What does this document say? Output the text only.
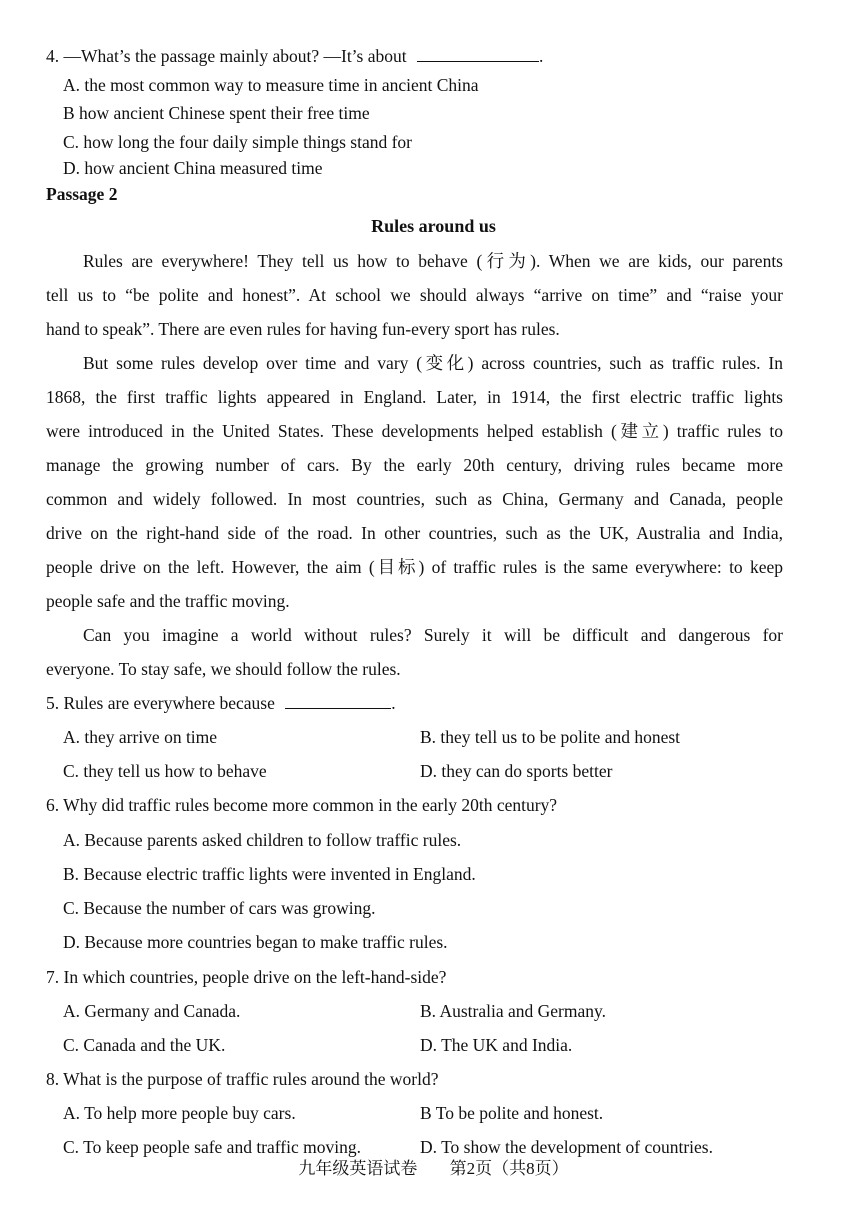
4. —What’s the passage mainly about? —It’s about	.
A. the most common way to measure time in ancient China
B how ancient Chinese spent their free time
C. how long the four daily simple things stand for
D. how ancient China measured time
Passage 2
Rules around us
Rules are everywhere! They tell us how to behave (行为). When we are kids, our parents
tell us to “be polite and honest”. At school we should always “arrive on time” and “raise your
hand to speak”. There are even rules for having fun-every sport has rules.
But some rules develop over time and vary (变化) across countries, such as traffic rules. In
1868, the first traffic lights appeared in England. Later, in 1914, the first electric traffic lights
were introduced in the United States. These developments helped establish (建立) traffic rules to
manage the growing number of cars. By the early 20th century, driving rules became more
common and widely followed. In most countries, such as China, Germany and Canada, people
drive on the right-hand side of the road. In other countries, such as the UK, Australia and India,
people drive on the left. However, the aim (目标) of traffic rules is the same everywhere: to keep
people safe and the traffic moving.
Can you imagine a world without rules? Surely it will be difficult and dangerous for
everyone. To stay safe, we should follow the rules.
5. Rules are everywhere because	.
A. they arrive on time	B. they tell us to be polite and honest
C. they tell us how to behave	D. they can do sports better
6. Why did traffic rules become more common in the early 20th century?
A. Because parents asked children to follow traffic rules.
B. Because electric traffic lights were invented in England.
C. Because the number of cars was growing.
D. Because more countries began to make traffic rules.
7. In which countries, people drive on the left-hand-side?
A. Germany and Canada.	B. Australia and Germany.
C. Canada and the UK.	D. The UK and India.
8. What is the purpose of traffic rules around the world?
A. To help more people buy cars.	B To be polite and honest.
C. To keep people safe and traffic moving.	D. To show the development of countries.
九年级英语试卷 第2页（共8页）
